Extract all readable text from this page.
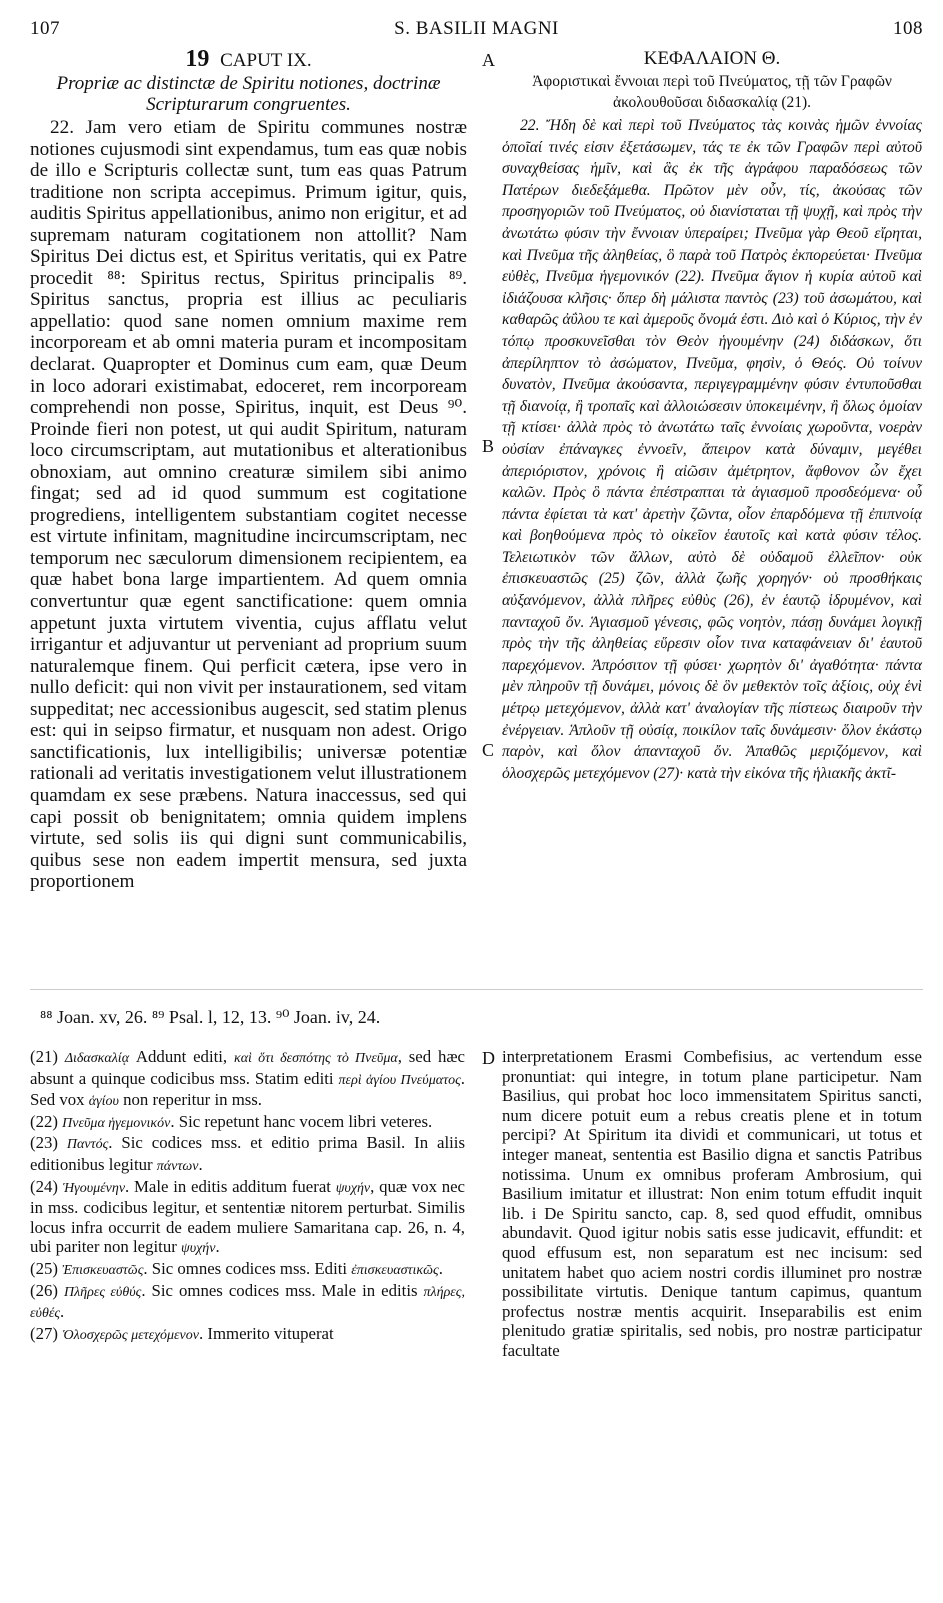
107	S. BASILII MAGNI	108
A
B
C
D
19 CAPUT IX.
Propriæ ac distinctæ de Spiritu notiones, doctrinæ Scripturarum congruentes.

22. Jam vero etiam de Spiritu communes nostræ notiones cujusmodi sint expendamus, tum eas quæ nobis de illo e Scripturis collectæ sunt, tum eas quas Patrum traditione non scripta accepimus. Primum igitur, quis, auditis Spiritus appellationibus, animo non erigitur, et ad supremam naturam cogitationem non attollit? Nam Spiritus Dei dictus est, et Spiritus veritatis, qui ex Patre procedit ⁸⁸: Spiritus rectus, Spiritus principalis ⁸⁹. Spiritus sanctus, propria est illius ac peculiaris appellatio: quod sane nomen omnium maxime rem incorpoream et ab omni materia puram et incompositam declarat. Quapropter et Dominus cum eam, quæ Deum in loco adorari existimabat, edoceret, rem incorpoream comprehendi non posse, Spiritus, inquit, est Deus ⁹⁰. Proinde fieri non potest, ut qui audit Spiritum, naturam loco circumscriptam, aut mutationibus et alterationibus obnoxiam, aut omnino creaturæ similem sibi animo fingat; sed ad id quod summum est cogitatione progrediens, intelligentem substantiam cogitet necesse est virtute infinitam, magnitudine incircumscriptam, nec temporum nec sæculorum dimensionem recipientem, ea quæ habet bona large impartientem. Ad quem omnia convertuntur quæ egent sanctificatione: quem omnia appetunt juxta virtutem viventia, cujus afflatu velut irrigantur et adjuvantur ut perveniant ad proprium suum naturalemque finem. Qui perficit cætera, ipse vero in nullo deficit: qui non vivit per instaurationem, sed vitam suppeditat; nec accessionibus augescit, sed statim plenus est: qui in seipso firmatur, et nusquam non adest. Origo sanctificationis, lux intelligibilis; universæ potentiæ rationali ad veritatis investigationem velut illustrationem quamdam ex sese præbens. Natura inaccessus, sed qui capi possit ob benignitatem; omnia quidem implens virtute, sed solis iis qui digni sunt communicabilis, quibus sese non eadem impertit mensura, sed juxta proportionem

ΚΕΦΑΛΑΙΟΝ Θ.
Ἀφοριστικαὶ ἔννοιαι περὶ τοῦ Πνεύματος, τῇ τῶν Γραφῶν ἀκολουθοῦσαι διδασκαλίᾳ (21).

22. Ἤδη δὲ καὶ περὶ τοῦ Πνεύματος τὰς κοινὰς ἡμῶν ἐννοίας ὁποῖαί τινές εἰσιν ἐξετάσωμεν, τάς τε ἐκ τῶν Γραφῶν περὶ αὐτοῦ συναχθείσας ἡμῖν, καὶ ἃς ἐκ τῆς ἀγράφου παραδόσεως τῶν Πατέρων διεδεξάμεθα. Πρῶτον μὲν οὖν, τίς, ἀκούσας τῶν προσηγοριῶν τοῦ Πνεύματος, οὐ διανίσταται τῇ ψυχῇ, καὶ πρὸς τὴν ἀνωτάτω φύσιν τὴν ἔννοιαν ὑπεραίρει; Πνεῦμα γὰρ Θεοῦ εἴρηται, καὶ Πνεῦμα τῆς ἀληθείας, ὃ παρὰ τοῦ Πατρὸς ἐκπορεύεται· Πνεῦμα εὐθὲς, Πνεῦμα ἡγεμονικόν (22). Πνεῦμα ἅγιον ἡ κυρία αὐτοῦ καὶ ἰδιάζουσα κλῆσις· ὅπερ δὴ μάλιστα παντὸς (23) τοῦ ἀσωμάτου, καὶ καθαρῶς ἀΰλου τε καὶ ἀμεροῦς ὄνομά ἐστι. Διὸ καὶ ὁ Κύριος, τὴν ἐν τόπῳ προσκυνεῖσθαι τὸν Θεὸν ἡγουμένην (24) διδάσκων, ὅτι ἀπερίληπτον τὸ ἀσώματον, Πνεῦμα, φησὶν, ὁ Θεός. Οὐ τοίνυν δυνατὸν, Πνεῦμα ἀκούσαντα, περιγεγραμμένην φύσιν ἐντυποῦσθαι τῇ διανοίᾳ, ἢ τροπαῖς καὶ ἀλλοιώσεσιν ὑποκειμένην, ἢ ὅλως ὁμοίαν τῇ κτίσει· ἀλλὰ πρὸς τὸ ἀνωτάτω ταῖς ἐννοίαις χωροῦντα, νοερὰν οὐσίαν ἐπάναγκες ἐννοεῖν, ἄπειρον κατὰ δύναμιν, μεγέθει ἀπεριόριστον, χρόνοις ἢ αἰῶσιν ἀμέτρητον, ἄφθονον ὧν ἔχει καλῶν. Πρὸς ὃ πάντα ἐπέστραπται τὰ ἁγιασμοῦ προσδεόμενα· οὗ πάντα ἐφίεται τὰ κατ' ἀρετὴν ζῶντα, οἷον ἐπαρδόμενα τῇ ἐπιπνοίᾳ καὶ βοηθούμενα πρὸς τὸ οἰκεῖον ἑαυτοῖς καὶ κατὰ φύσιν τέλος. Τελειωτικὸν τῶν ἄλλων, αὐτὸ δὲ οὐδαμοῦ ἐλλεῖπον· οὐκ ἐπισκευαστῶς (25) ζῶν, ἀλλὰ ζωῆς χορηγόν· οὐ προσθήκαις αὐξανόμενον, ἀλλὰ πλῆρες εὐθὺς (26), ἐν ἑαυτῷ ἱδρυμένον, καὶ πανταχοῦ ὄν. Ἁγιασμοῦ γένεσις, φῶς νοητὸν, πάσῃ δυνάμει λογικῇ πρὸς τὴν τῆς ἀληθείας εὕρεσιν οἷον τινα καταφάνειαν δι' ἑαυτοῦ παρεχόμενον. Ἀπρόσιτον τῇ φύσει· χωρητὸν δι' ἀγαθότητα· πάντα μὲν πληροῦν τῇ δυνάμει, μόνοις δὲ ὃν μεθεκτὸν τοῖς ἀξίοις, οὐχ ἑνὶ μέτρῳ μετεχόμενον, ἀλλὰ κατ' ἀναλογίαν τῆς πίστεως διαιροῦν τὴν ἐνέργειαν. Ἁπλοῦν τῇ οὐσίᾳ, ποικίλον ταῖς δυνάμεσιν· ὅλον ἑκάστῳ παρὸν, καὶ ὅλον ἁπανταχοῦ ὄν. Ἀπαθῶς μεριζόμενον, καὶ ὁλοσχερῶς μετεχόμενον (27)· κατὰ τὴν εἰκόνα τῆς ἡλιακῆς ἀκτῖ-

⁸⁸ Joan. xv, 26. ⁸⁹ Psal. l, 12, 13. ⁹⁰ Joan. iv, 24.

(21) Διδασκαλίᾳ Addunt editi, καὶ ὅτι δεσπότης τὸ Πνεῦμα, sed hæc absunt a quinque codicibus mss. Statim editi περὶ ἁγίου Πνεύματος. Sed vox ἁγίου non reperitur in mss.

(22) Πνεῦμα ἡγεμονικόν. Sic repetunt hanc vocem libri veteres.

(23) Παντός. Sic codices mss. et editio prima Basil. In aliis editionibus legitur πάντων.

(24) Ἡγουμένην. Male in editis additum fuerat ψυχήν, quæ vox nec in mss. codicibus legitur, et sententiæ nitorem perturbat. Similis locus infra occurrit de eadem muliere Samaritana cap. 26, n. 4, ubi pariter non legitur ψυχήν.

(25) Ἐπισκευαστῶς. Sic omnes codices mss. Editi ἐπισκευαστικῶς.

(26) Πλῆρες εὐθύς. Sic omnes codices mss. Male in editis πλήρες, εὐθές.

(27) Ὁλοσχερῶς μετεχόμενον. Immerito vituperat

interpretationem Erasmi Combefisius, ac vertendum esse pronuntiat: qui integre, in totum plane participetur. Nam Basilius, qui probat hoc loco immensitatem Spiritus sancti, num dicere potuit eum a rebus creatis plene et in totum percipi? At Spiritum ita dividi et communicari, ut totus et integer maneat, sententia est Basilio digna et sanctis Patribus notissima. Unum ex omnibus proferam Ambrosium, qui Basilium imitatur et illustrat: Non enim totum effudit inquit lib. i De Spiritu sancto, cap. 8, sed quod effudit, omnibus abundavit. Quod igitur nobis satis esse judicavit, effundit: et quod effusum est, non separatum est nec incisum: sed unitatem habet quo aciem nostri cordis illuminet pro nostræ possibilitate virtutis. Denique tantum capimus, quantum profectus nostræ mentis acquirit. Inseparabilis est enim plenitudo gratiæ spiritalis, sed nobis, pro nostræ participatur facultate
